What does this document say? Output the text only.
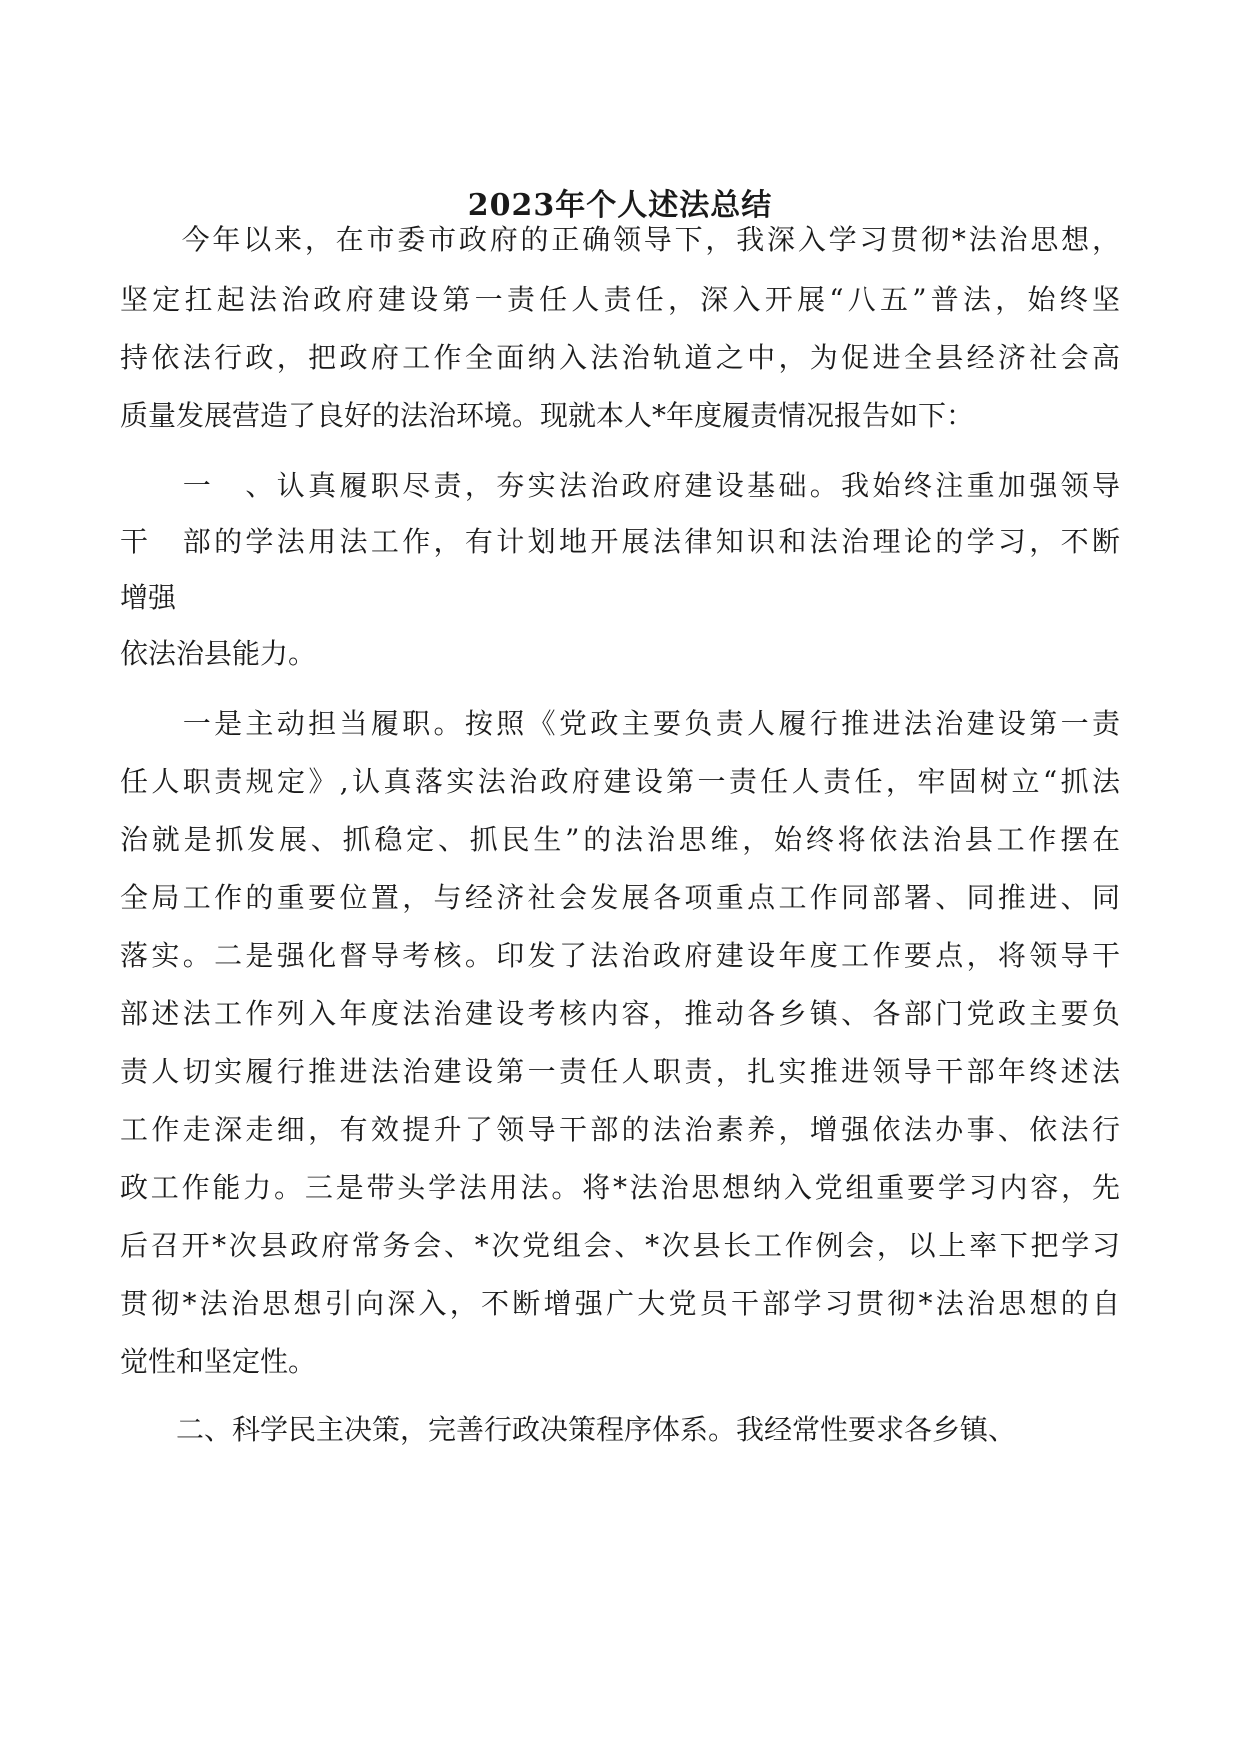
2023年个人述法总结
　　今年以来，在市委市政府的正确领导下，我深入学习贯彻*法治思想，
坚定扛起法治政府建设第一责任人责任，深入开展“八五”普法，始终坚
持依法行政，把政府工作全面纳入法治轨道之中，为促进全县经济社会高
质量发展营造了良好的法治环境。现就本人*年度履责情况报告如下：
　　一　、认真履职尽责，夯实法治政府建设基础。我始终注重加强领导
干　部的学法用法工作，有计划地开展法律知识和法治理论的学习，不断
增强
依法治县能力。
　　一是主动担当履职。按照《党政主要负责人履行推进法治建设第一责
任人职责规定》,认真落实法治政府建设第一责任人责任，牢固树立“抓法
治就是抓发展、抓稳定、抓民生”的法治思维，始终将依法治县工作摆在
全局工作的重要位置，与经济社会发展各项重点工作同部署、同推进、同
落实。二是强化督导考核。印发了法治政府建设年度工作要点，将领导干
部述法工作列入年度法治建设考核内容，推动各乡镇、各部门党政主要负
责人切实履行推进法治建设第一责任人职责，扎实推进领导干部年终述法
工作走深走细，有效提升了领导干部的法治素养，增强依法办事、依法行
政工作能力。三是带头学法用法。将*法治思想纳入党组重要学习内容，先
后召开*次县政府常务会、*次党组会、*次县长工作例会，以上率下把学习
贯彻*法治思想引向深入，不断增强广大党员干部学习贯彻*法治思想的自
觉性和坚定性。
　　二、科学民主决策，完善行政决策程序体系。我经常性要求各乡镇、
